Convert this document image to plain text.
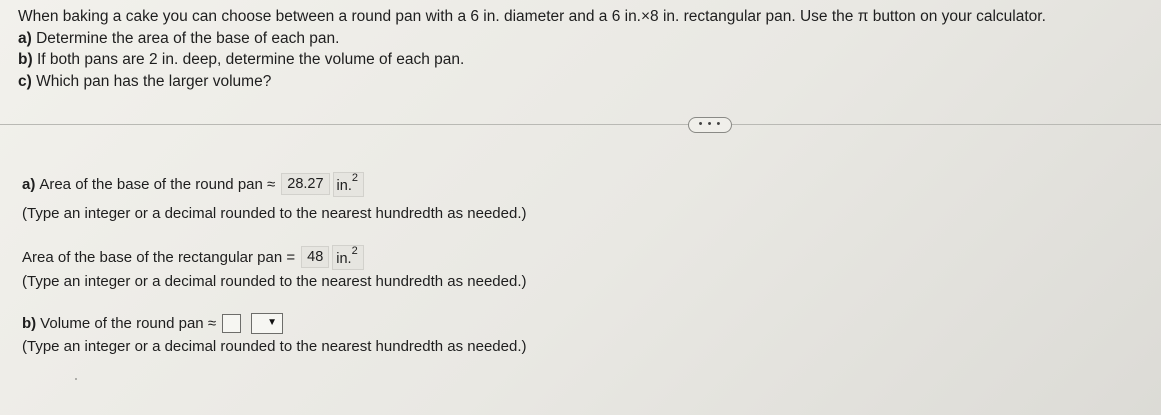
When baking a cake you can choose between a round pan with a 6 in. diameter and a 6 in.×8 in. rectangular pan. Use the π button on your calculator.

a) Determine the area of the base of each pan.

b) If both pans are 2 in. deep, determine the volume of each pan.

c) Which pan has the larger volume?

• • •
a) Area of the base of the round pan
≈ 28.27 in.$^2$
(Type an integer or a decimal rounded to the nearest hundredth as needed.)
Area of the base of the rectangular pan
= 48 in.$^2$
(Type an integer or a decimal rounded to the nearest hundredth as needed.)
b) Volume of the round pan
≈	▼
(Type an integer or a decimal rounded to the nearest hundredth as needed.)
